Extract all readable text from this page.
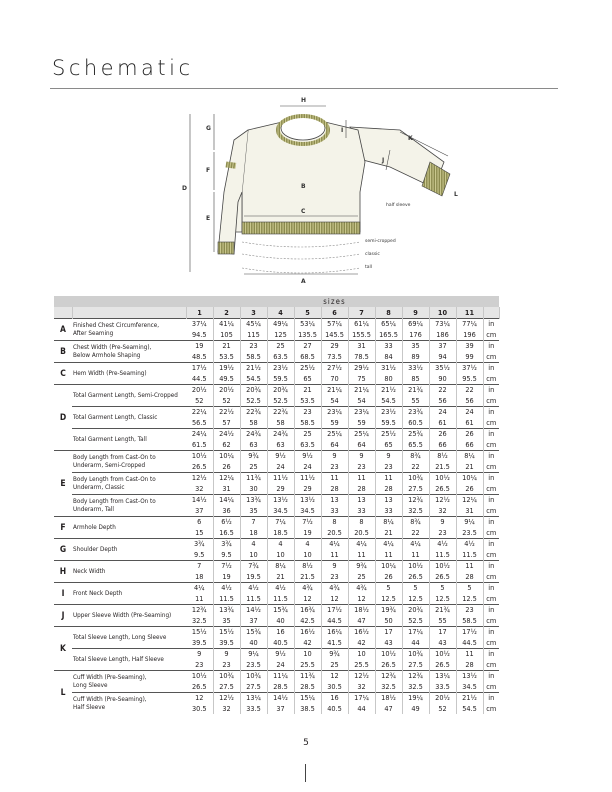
Schematic
A
B
C
D
E
F
G
H
I
J
K
L
half sleeve
semi-cropped
classic
tall
		sizes											
		1	2	3	4	5	6	7	8	9	10	11	
A	Finished Chest Circumference,
After Seaming	37¼	41¼	45¼	49¼	53¼	57¼	61¼	65¼	69¼	73¼	77¼	in
		94.5	105	115	125	135.5	145.5	155.5	165.5	176	186	196	cm
B	Chest Width (Pre-Seaming),
Below Armhole Shaping	19	21	23	25	27	29	31	33	35	37	39	in
		48.5	53.5	58.5	63.5	68.5	73.5	78.5	84	89	94	99	cm
C	Hem Width (Pre-Seaming)	17½	19½	21½	23½	25½	27½	29½	31½	33½	35½	37½	in
		44.5	49.5	54.5	59.5	65	70	75	80	85	90	95.5	cm
D	Total Garment Length, Semi-Cropped	20½	20½	20¾	20¾	21	21¼	21¼	21½	21¾	22	22	in
		52	52	52.5	52.5	53.5	54	54	54.5	55	56	56	cm

	Total Garment Length, Classic	22¼	22½	22¾	22¾	23	23¼	23¼	23½	23¾	24	24	in
		56.5	57	58	58	58.5	59	59	59.5	60.5	61	61	cm

	Total Garment Length, Tall	24¼	24½	24¾	24¾	25	25¼	25¼	25½	25¾	26	26	in
		61.5	62	63	63	63.5	64	64	65	65.5	66	66	cm
E	Body Length from Cast-On to
Underarm, Semi-Cropped	10½	10¼	9¾	9½	9½	9	9	9	8¾	8½	8¼	in
		26.5	26	25	24	24	23	23	23	22	21.5	21	cm

	Body Length from Cast-On to
Underarm, Classic	12½	12¼	11¾	11½	11½	11	11	11	10¾	10½	10¼	in
		32	31	30	29	29	28	28	28	27.5	26.5	26	cm

	Body Length from Cast-On to
Underarm, Tall	14½	14¼	13¾	13½	13½	13	13	13	12¾	12½	12¼	in
		37	36	35	34.5	34.5	33	33	33	32.5	32	31	cm
F	Armhole Depth	6	6½	7	7¼	7½	8	8	8¼	8¾	9	9¼	in
		15	16.5	18	18.5	19	20.5	20.5	21	22	23	23.5	cm
G	Shoulder Depth	3¾	3¾	4	4	4	4¼	4¼	4¼	4¼	4½	4½	in
		9.5	9.5	10	10	10	11	11	11	11	11.5	11.5	cm
H	Neck Width	7	7½	7¾	8¼	8½	9	9¾	10¼	10½	10½	11	in
		18	19	19.5	21	21.5	23	25	26	26.5	26.5	28	cm
I	Front Neck Depth	4¼	4½	4½	4½	4¾	4¾	4¾	5	5	5	5	in
		11	11.5	11.5	11.5	12	12	12	12.5	12.5	12.5	12.5	cm
J	Upper Sleeve Width (Pre-Seaming)	12¾	13¾	14½	15¾	16¾	17½	18½	19¾	20¾	21¾	23	in
		32.5	35	37	40	42.5	44.5	47	50	52.5	55	58.5	cm
K	Total Sleeve Length, Long Sleeve	15½	15½	15¾	16	16½	16¼	16½	17	17¼	17	17½	in
		39.5	39.5	40	40.5	42	41.5	42	43	44	43	44.5	cm

	Total Sleeve Length, Half Sleeve	9	9	9¼	9½	10	9¾	10	10½	10¾	10½	11	in
		23	23	23.5	24	25.5	25	25.5	26.5	27.5	26.5	28	cm
L	Cuff Width (Pre-Seaming),
Long Sleeve	10½	10¾	10¾	11¼	11¾	12	12½	12¾	12¾	13¼	13½	in
		26.5	27.5	27.5	28.5	28.5	30.5	32	32.5	32.5	33.5	34.5	cm

	Cuff Width (Pre-Seaming),
Half Sleeve	12	12½	13¼	14½	15¼	16	17¼	18½	19¼	20½	21½	in
		30.5	32	33.5	37	38.5	40.5	44	47	49	52	54.5	cm
5
